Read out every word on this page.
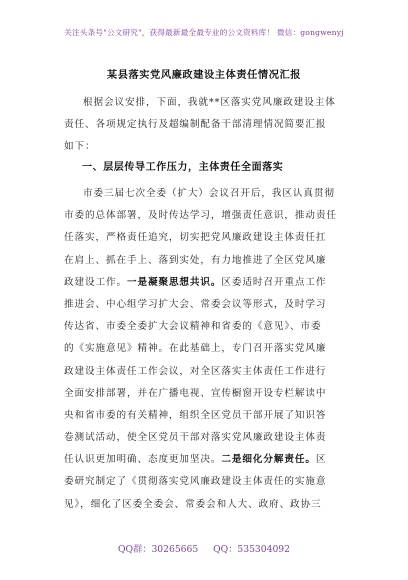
关注头条号"公文研究"，获得最新最全最专业的公文资料库！ 微信：gongwenyj
某县落实党风廉政建设主体责任情况汇报
根据会议安排，下面，我就**区落实党风廉政建设主体
责任、各项规定执行及超编制配备干部清理情况简要汇报
如下：
一、层层传导工作压力，主体责任全面落实
市委三届七次全委（扩大）会议召开后，我区认真贯彻
市委的总体部署，及时传达学习，增强责任意识，推动责任
任落实，严格责任追究，切实把党风廉政建设主体责任扛
在肩上、抓在手上、落到实处，有力地推进了全区党风廉
政建设工作。一是凝聚思想共识。区委适时召开重点工作
推进会、中心组学习扩大会、常委会议等形式，及时学习
传达省、市委全委扩大会议精神和省委的《意见》、市委
的《实施意见》精神。在此基础上，专门召开落实党风廉
政建设主体责任工作会议，对全区落实主体责任工作进行
全面安排部署，并在广播电视、宣传橱窗开设专栏解读中
央和省市委的有关精神，组织全区党员干部开展了知识答
卷测试活动，使全区党员干部对落实党风廉政建设主体责
任认识更加明确、态度更加坚决。二是细化分解责任。区
委研究制定了《贯彻落实党风廉政建设主体责任的实施意
见》，细化了区委全委会、常委会和人大、政府、政协三
QQ群：30265665 QQ：535304092
